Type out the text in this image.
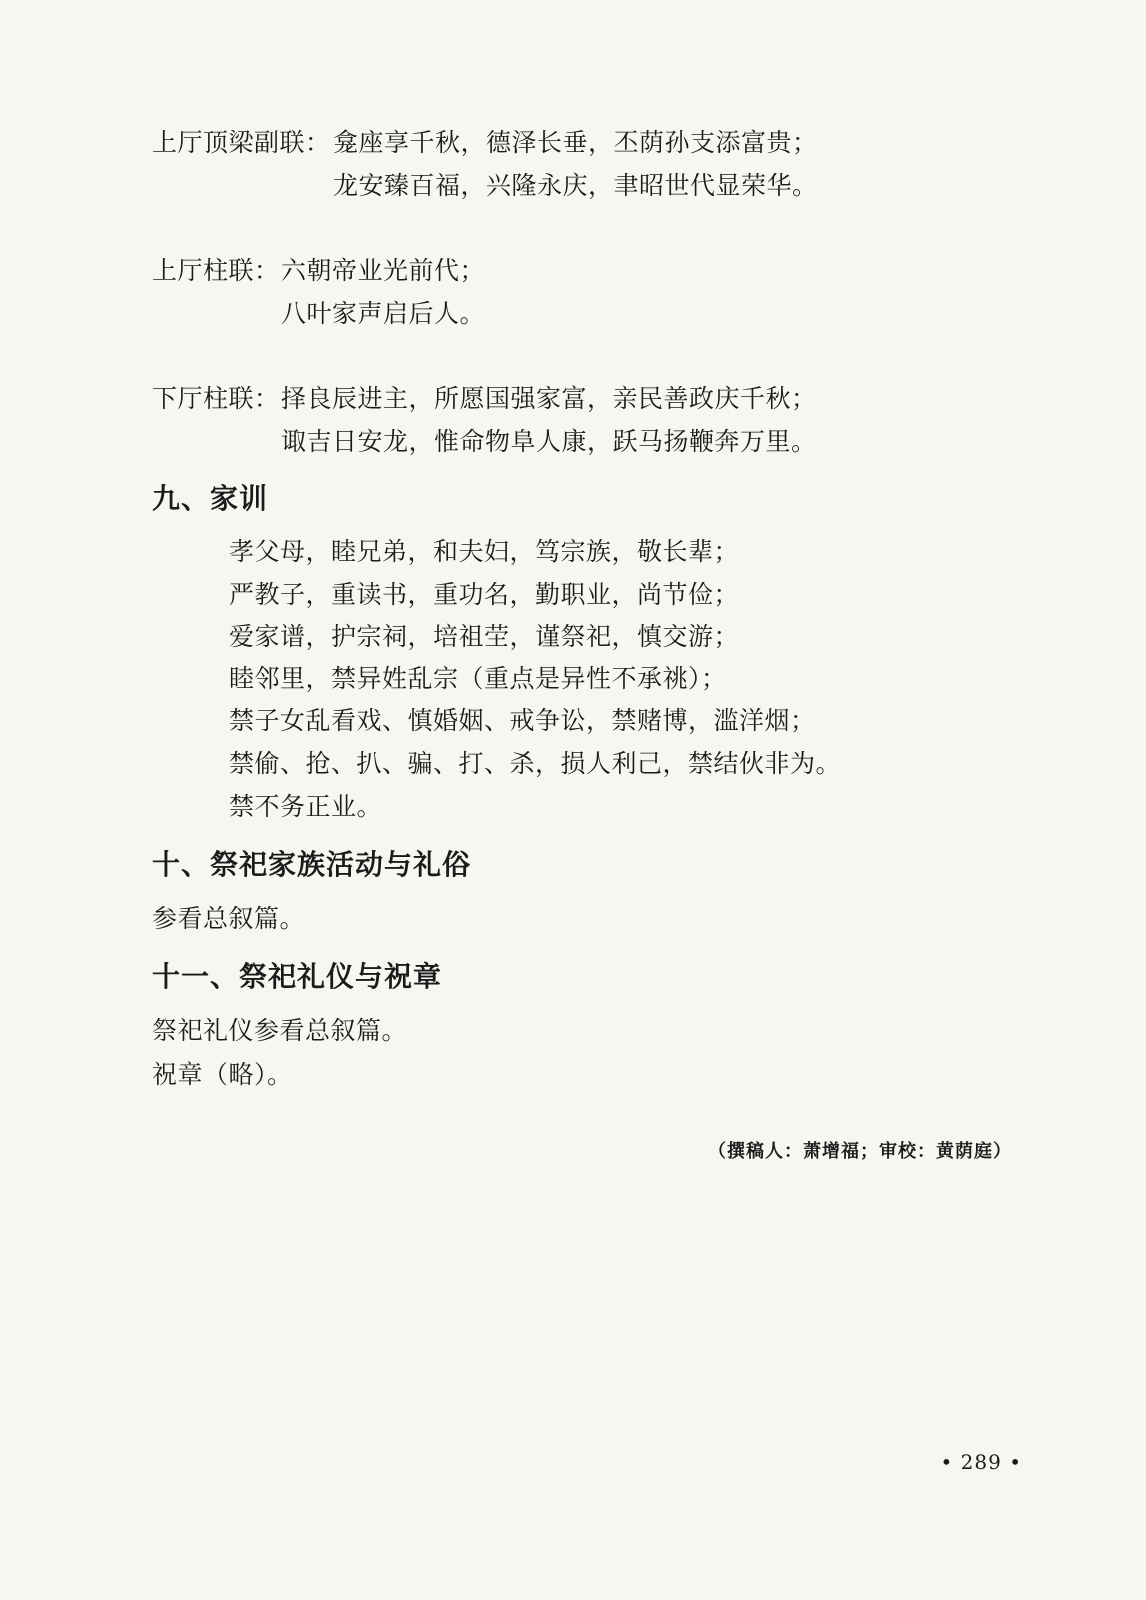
上厅顶梁副联： 龛座享千秋，德泽长垂，丕荫孙支添富贵；
龙安臻百福，兴隆永庆，聿昭世代显荣华。
上厅柱联： 六朝帝业光前代；
八叶家声启后人。
下厅柱联： 择良辰进主，所愿国强家富，亲民善政庆千秋；
诹吉日安龙，惟命物阜人康，跃马扬鞭奔万里。
九、家训
孝父母，睦兄弟，和夫妇，笃宗族，敬长辈；
严教子，重读书，重功名，勤职业，尚节俭；
爱家谱，护宗祠，培祖茔，谨祭祀，慎交游；
睦邻里，禁异姓乱宗（重点是异性不承祧）；
禁子女乱看戏、慎婚姻、戒争讼，禁赌博，滥洋烟；
禁偷、抢、扒、骗、打、杀，损人利己，禁结伙非为。
禁不务正业。
十、祭祀家族活动与礼俗
参看总叙篇。
十一、祭祀礼仪与祝章
祭祀礼仪参看总叙篇。
祝章（略）。
（撰稿人：萧增福；审校：黄荫庭）
• 289 •
